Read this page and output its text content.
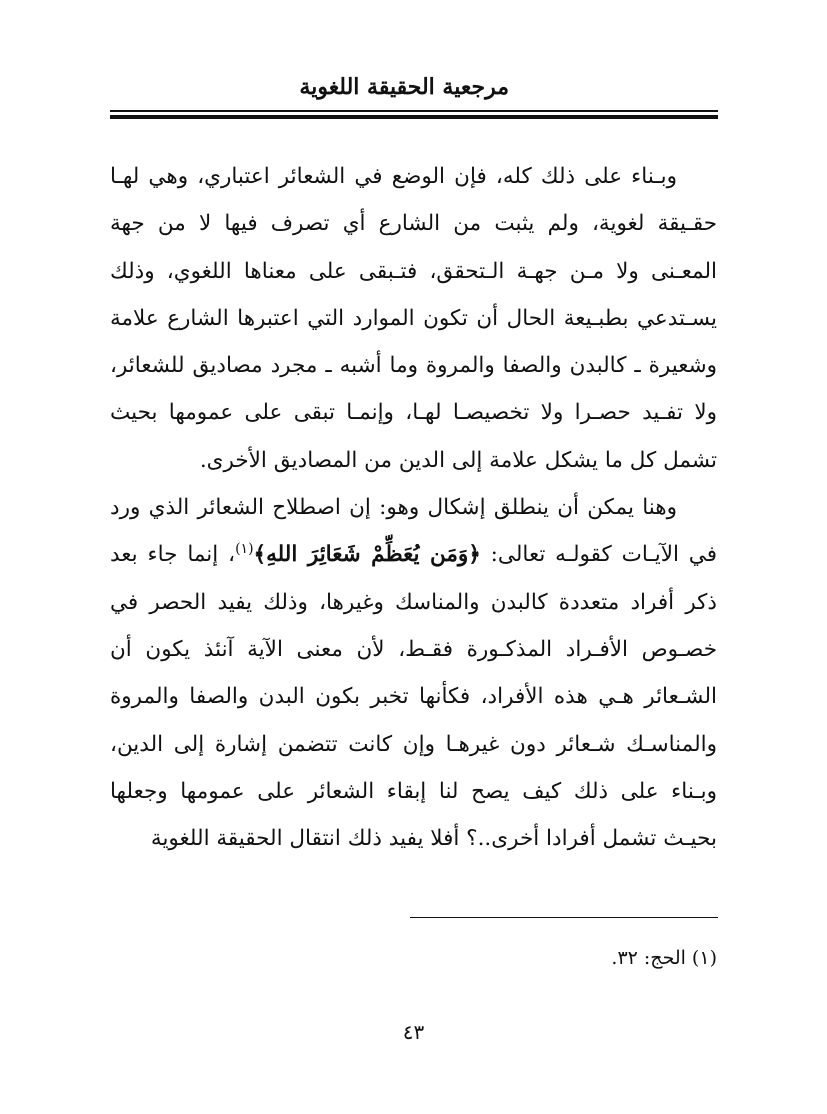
مرجعية الحقيقة اللغوية

وبـناء على ذلك كله، فإن الوضع في الشعائر اعتباري، وهي لهـا حقـيقة لغوية، ولم يثبت من الشارع أي تصرف فيها لا من جهة المعـنى ولا مـن جهـة الـتحقق، فتـبقى على معناها اللغوي، وذلك يسـتدعي بطبـيعة الحال أن تكون الموارد التي اعتبرها الشارع علامة وشعيرة ـ كالبدن والصفا والمروة وما أشبه ـ مجرد مصاديق للشعائر، ولا تفـيد حصـرا ولا تخصيصـا لهـا، وإنمـا تبقى على عمومها بحيث تشمل كل ما يشكل علامة إلى الدين من المصاديق الأخرى.

وهنا يمكن أن ينطلق إشكال وهو: إن اصطلاح الشعائر الذي ورد في الآيـات كقولـه تعالى: ﴿وَمَن يُعَظِّمْ شَعَائِرَ اللهِ﴾$^{(١)}$، إنما جاء بعد ذكر أفراد متعددة كالبدن والمناسك وغيرها، وذلك يفيد الحصر في خصـوص الأفـراد المذكـورة فقـط، لأن معنى الآية آنئذ يكون أن الشـعائر هـي هذه الأفراد، فكأنها تخبر بكون البدن والصفا والمروة والمناسـك شـعائر دون غيرهـا وإن كانت تتضمن إشارة إلى الدين، وبـناء على ذلك كيف يصح لنا إبقاء الشعائر على عمومها وجعلها بحيـث تشمل أفرادا أخرى..؟ أفلا يفيد ذلك انتقال الحقيقة اللغوية

(١) الحج: ٣٢.
٤٣
